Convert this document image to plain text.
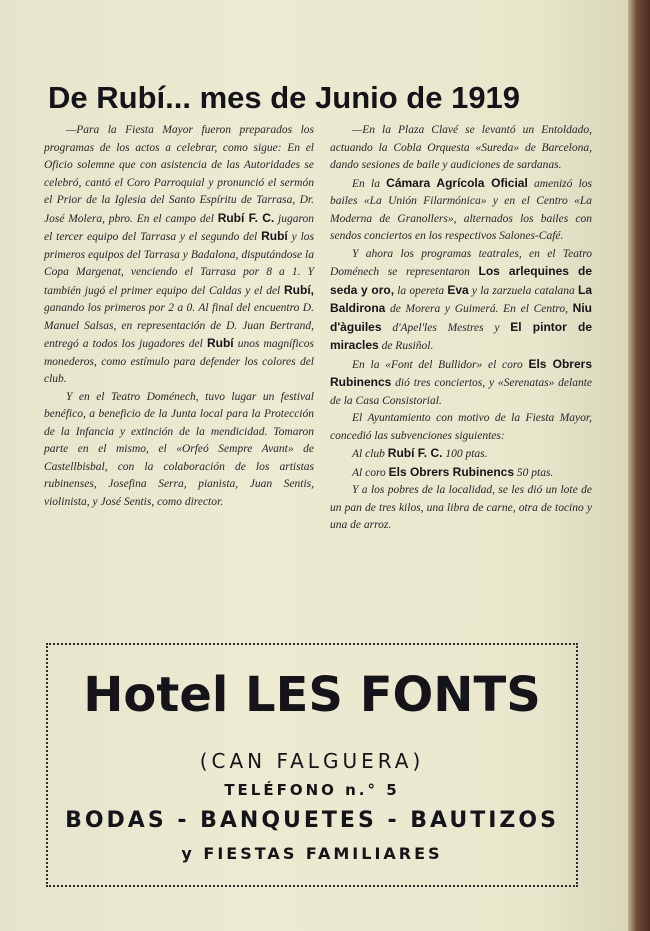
De Rubí... mes de Junio de 1919

—Para la Fiesta Mayor fueron preparados los programas de los actos a celebrar, como sigue: En el Oficio solemne que con asistencia de las Autoridades se celebró, cantó el Coro Parroquial y pronunció el sermón el Prior de la Iglesia del Santo Espíritu de Tarrasa, Dr. José Molera, pbro. En el campo del Rubí F. C. jugaron el tercer equipo del Tarrasa y el segundo del Rubí y los primeros equipos del Tarrasa y Badalona, disputándose la Copa Margenat, venciendo el Tarrasa por 8 a 1. Y también jugó el primer equipo del Caldas y el del Rubí, ganando los primeros por 2 a 0. Al final del encuentro D. Manuel Salsas, en representación de D. Juan Bertrand, entregó a todos los jugadores del Rubí unos magníficos monederos, como estímulo para defender los colores del club.

Y en el Teatro Doménech, tuvo lugar un festival benéfico, a beneficio de la Junta local para la Protección de la Infancia y extinción de la mendicidad. Tomaron parte en el mismo, el «Orfeó Sempre Avant» de Castellbisbal, con la colaboración de los artistas rubinenses, Josefina Serra, pianista, Juan Sentis, violinista, y José Sentis, como director.

—En la Plaza Clavé se levantó un Entoldado, actuando la Cobla Orquesta «Sureda» de Barcelona, dando sesiones de baile y audiciones de sardanas.

En la Cámara Agrícola Oficial amenizó los bailes «La Unión Filarmónica» y en el Centro «La Moderna de Granollers», alternados los bailes con sendos conciertos en los respectivos Salones-Café.

Y ahora los programas teatrales, en el Teatro Doménech se representaron Los arlequines de seda y oro, la opereta Eva y la zarzuela catalana La Baldirona de Morera y Guimerá. En el Centro, Niu d'àguiles d'Apel'les Mestres y El pintor de miracles de Rusiñol.

En la «Font del Bullidor» el coro Els Obrers Rubinencs dió tres conciertos, y «Serenatas» delante de la Casa Consistorial.

El Ayuntamiento con motivo de la Fiesta Mayor, concedió las subvenciones siguientes:

Al club Rubí F. C. 100 ptas.

Al coro Els Obrers Rubinencs 50 ptas.

Y a los pobres de la localidad, se les dió un lote de un pan de tres kilos, una libra de carne, otra de tocino y una de arroz.

Hotel LES FONTS
(CAN FALGUERA)
TELÉFONO n.° 5
BODAS - BANQUETES - BAUTIZOS
y FIESTAS FAMILIARES
